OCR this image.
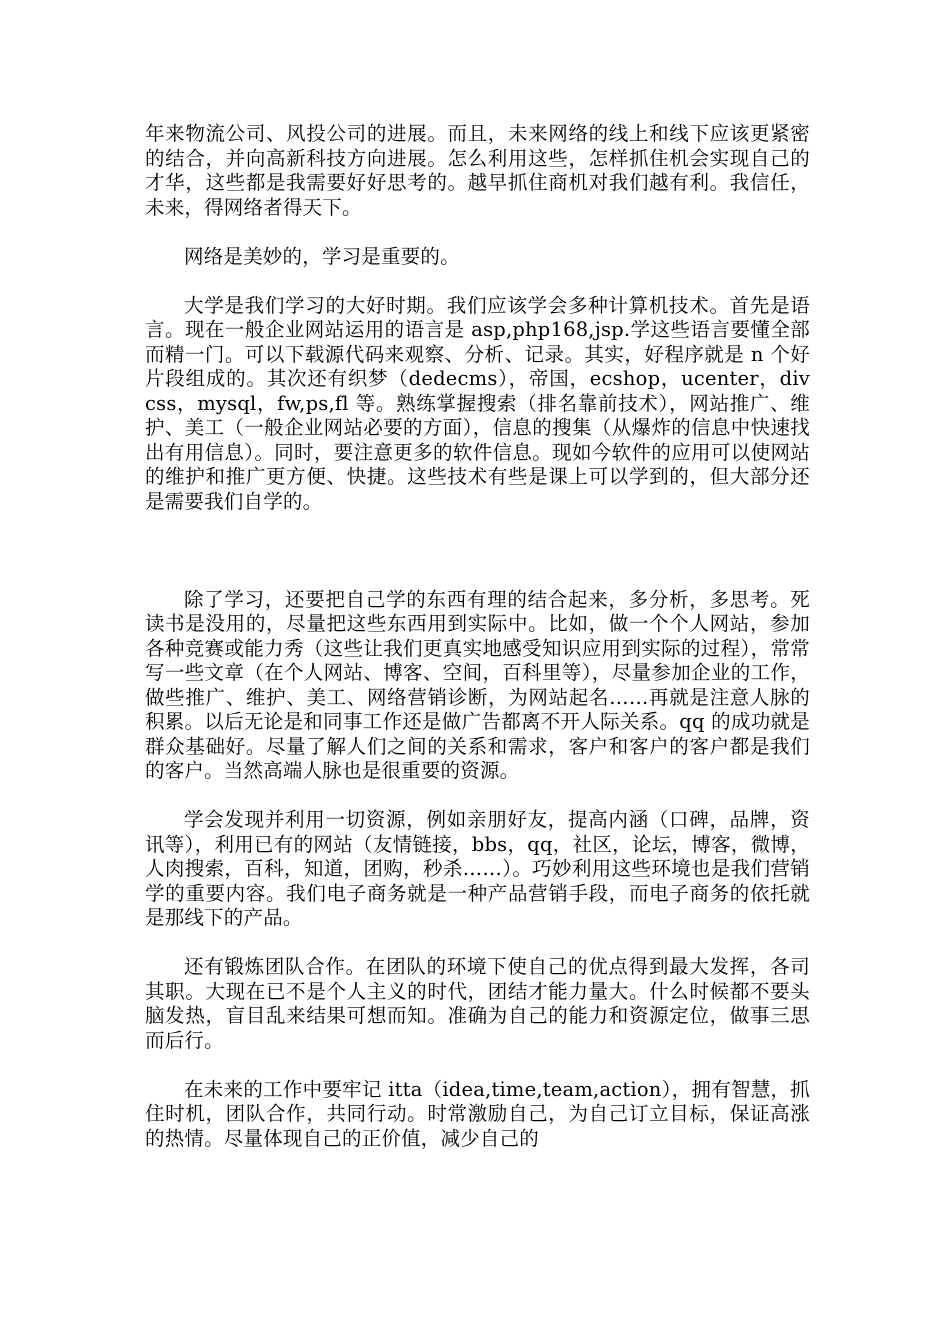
年来物流公司、风投公司的进展。而且，未来网络的线上和线下应该更紧密的结合，并向高新科技方向进展。怎么利用这些，怎样抓住机会实现自己的才华，这些都是我需要好好思考的。越早抓住商机对我们越有利。我信任，未来，得网络者得天下。

网络是美妙的，学习是重要的。

大学是我们学习的大好时期。我们应该学会多种计算机技术。首先是语言。现在一般企业网站运用的语言是 asp,php168,jsp.学这些语言要懂全部而精一门。可以下载源代码来观察、分析、记录。其实，好程序就是 n 个好片段组成的。其次还有织梦（dedecms），帝国，ecshop，ucenter，div css，mysql，fw,ps,fl 等。熟练掌握搜索（排名靠前技术），网站推广、维护、美工（一般企业网站必要的方面），信息的搜集（从爆炸的信息中快速找出有用信息）。同时，要注意更多的软件信息。现如今软件的应用可以使网站的维护和推广更方便、快捷。这些技术有些是课上可以学到的，但大部分还是需要我们自学的。

除了学习，还要把自己学的东西有理的结合起来，多分析，多思考。死读书是没用的，尽量把这些东西用到实际中。比如，做一个个人网站，参加各种竞赛或能力秀（这些让我们更真实地感受知识应用到实际的过程），常常写一些文章（在个人网站、博客、空间，百科里等），尽量参加企业的工作，做些推广、维护、美工、网络营销诊断，为网站起名……再就是注意人脉的积累。以后无论是和同事工作还是做广告都离不开人际关系。qq 的成功就是群众基础好。尽量了解人们之间的关系和需求，客户和客户的客户都是我们的客户。当然高端人脉也是很重要的资源。

学会发现并利用一切资源，例如亲朋好友，提高内涵（口碑，品牌，资讯等），利用已有的网站（友情链接，bbs，qq，社区，论坛，博客，微博，人肉搜索，百科，知道，团购，秒杀……）。巧妙利用这些环境也是我们营销学的重要内容。我们电子商务就是一种产品营销手段，而电子商务的依托就是那线下的产品。

还有锻炼团队合作。在团队的环境下使自己的优点得到最大发挥，各司其职。大现在已不是个人主义的时代，团结才能力量大。什么时候都不要头脑发热，盲目乱来结果可想而知。准确为自己的能力和资源定位，做事三思而后行。

在未来的工作中要牢记 itta（idea,time,team,action），拥有智慧，抓住时机，团队合作，共同行动。时常激励自己，为自己订立目标，保证高涨的热情。尽量体现自己的正价值，减少自己的
